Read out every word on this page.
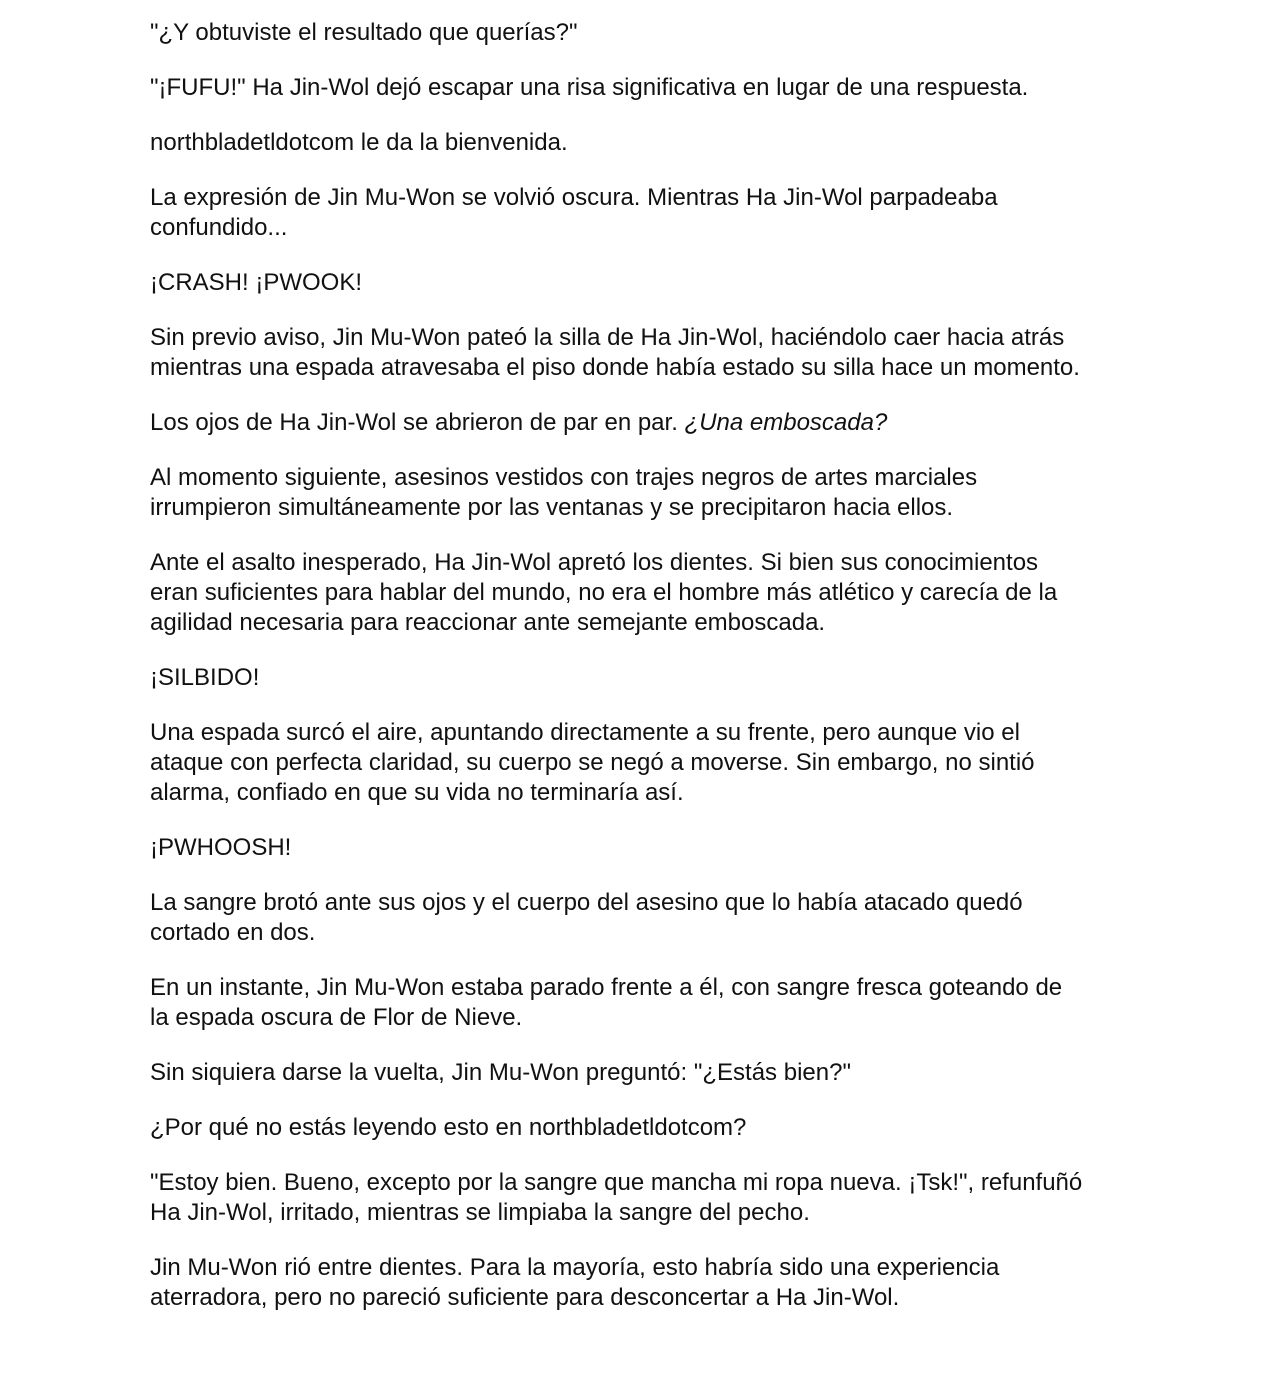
"¿Y obtuviste el resultado que querías?"

"¡FUFU!" Ha Jin-Wol dejó escapar una risa significativa en lugar de una respuesta.

northbladetldotcom le da la bienvenida.

La expresión de Jin Mu-Won se volvió oscura. Mientras Ha Jin-Wol parpadeaba
confundido...

¡CRASH! ¡PWOOK!

Sin previo aviso, Jin Mu-Won pateó la silla de Ha Jin-Wol, haciéndolo caer hacia atrás
mientras una espada atravesaba el piso donde había estado su silla hace un momento.

Los ojos de Ha Jin-Wol se abrieron de par en par. ¿Una emboscada?

Al momento siguiente, asesinos vestidos con trajes negros de artes marciales
irrumpieron simultáneamente por las ventanas y se precipitaron hacia ellos.

Ante el asalto inesperado, Ha Jin-Wol apretó los dientes. Si bien sus conocimientos
eran suficientes para hablar del mundo, no era el hombre más atlético y carecía de la
agilidad necesaria para reaccionar ante semejante emboscada.

¡SILBIDO!

Una espada surcó el aire, apuntando directamente a su frente, pero aunque vio el
ataque con perfecta claridad, su cuerpo se negó a moverse. Sin embargo, no sintió
alarma, confiado en que su vida no terminaría así.

¡PWHOOSH!

La sangre brotó ante sus ojos y el cuerpo del asesino que lo había atacado quedó
cortado en dos.

En un instante, Jin Mu-Won estaba parado frente a él, con sangre fresca goteando de
la espada oscura de Flor de Nieve.

Sin siquiera darse la vuelta, Jin Mu-Won preguntó: "¿Estás bien?"

¿Por qué no estás leyendo esto en northbladetldotcom?

"Estoy bien. Bueno, excepto por la sangre que mancha mi ropa nueva. ¡Tsk!", refunfuñó
Ha Jin-Wol, irritado, mientras se limpiaba la sangre del pecho.

Jin Mu-Won rió entre dientes. Para la mayoría, esto habría sido una experiencia
aterradora, pero no pareció suficiente para desconcertar a Ha Jin-Wol.
